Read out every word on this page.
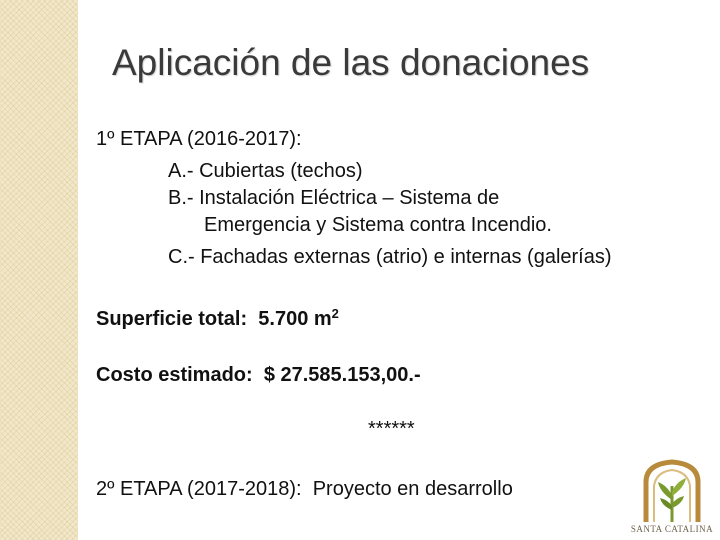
Aplicación de las donaciones
1º ETAPA (2016-2017):
A.- Cubiertas (techos)
B.- Instalación Eléctrica – Sistema de
Emergencia y Sistema contra Incendio.
C.- Fachadas externas (atrio) e internas (galerías)
Superficie total: 5.700 $m^2$
Costo estimado: $ 27.585.153,00.-
******
2º ETAPA (2017-2018): Proyecto en desarrollo
SANTA CATALINA
